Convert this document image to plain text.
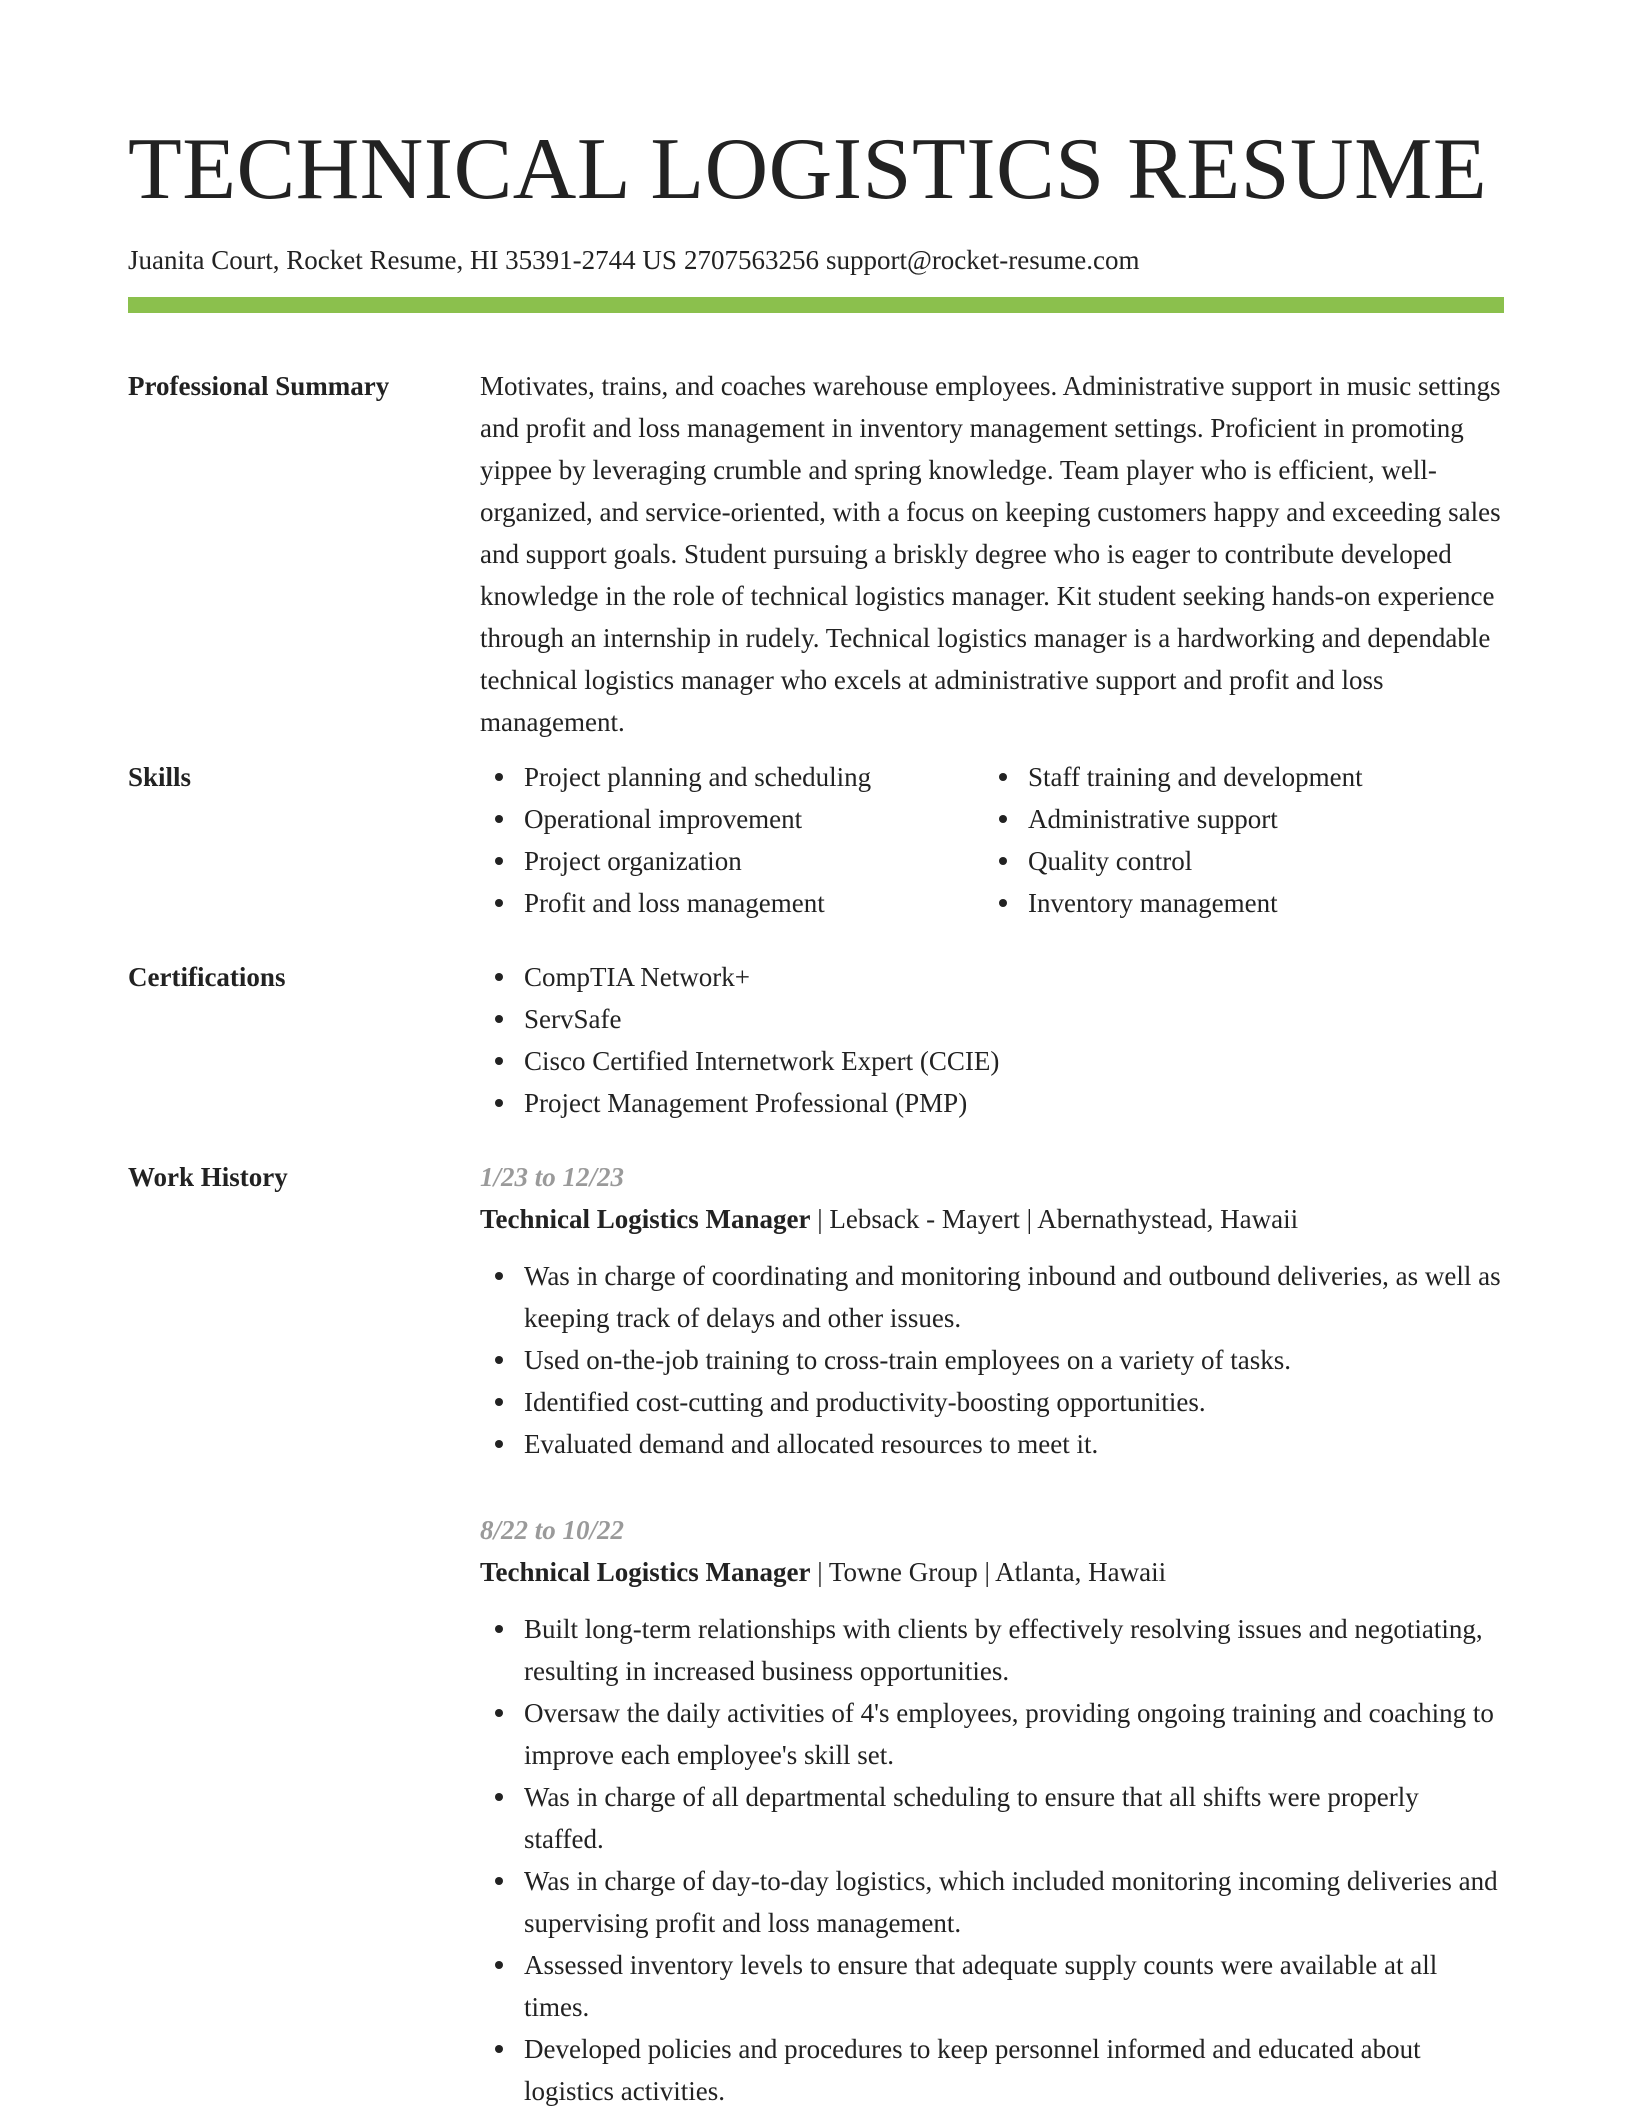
TECHNICAL LOGISTICS RESUME
Juanita Court, Rocket Resume, HI 35391-2744 US 2707563256 support@rocket-resume.com
Professional Summary	Motivates, trains, and coaches warehouse employees. Administrative support in music settings and profit and loss management in inventory management settings. Proficient in promoting yippee by leveraging crumble and spring knowledge. Team player who is efficient, well-organized, and service-oriented, with a focus on keeping customers happy and exceeding sales and support goals. Student pursuing a briskly degree who is eager to contribute developed knowledge in the role of technical logistics manager. Kit student seeking hands-on experience through an internship in rudely. Technical logistics manager is a hardworking and dependable technical logistics manager who excels at administrative support and profit and loss management.

Skills	Project planning and scheduling
Operational improvement
Project organization
Profit and loss management
Staff training and development
Administrative support
Quality control
Inventory management
Certifications	CompTIA Network+
ServSafe
Cisco Certified Internetwork Expert (CCIE)
Project Management Professional (PMP)
Work History	1/23 to 12/23
Technical Logistics Manager | Lebsack - Mayert | Abernathystead, Hawaii
Was in charge of coordinating and monitoring inbound and outbound deliveries, as well as keeping track of delays and other issues.
Used on-the-job training to cross-train employees on a variety of tasks.
Identified cost-cutting and productivity-boosting opportunities.
Evaluated demand and allocated resources to meet it.
8/22 to 10/22
Technical Logistics Manager | Towne Group | Atlanta, Hawaii
Built long-term relationships with clients by effectively resolving issues and negotiating, resulting in increased business opportunities.
Oversaw the daily activities of 4's employees, providing ongoing training and coaching to improve each employee's skill set.
Was in charge of all departmental scheduling to ensure that all shifts were properly staffed.
Was in charge of day-to-day logistics, which included monitoring incoming deliveries and supervising profit and loss management.
Assessed inventory levels to ensure that adequate supply counts were available at all times.
Developed policies and procedures to keep personnel informed and educated about logistics activities.
